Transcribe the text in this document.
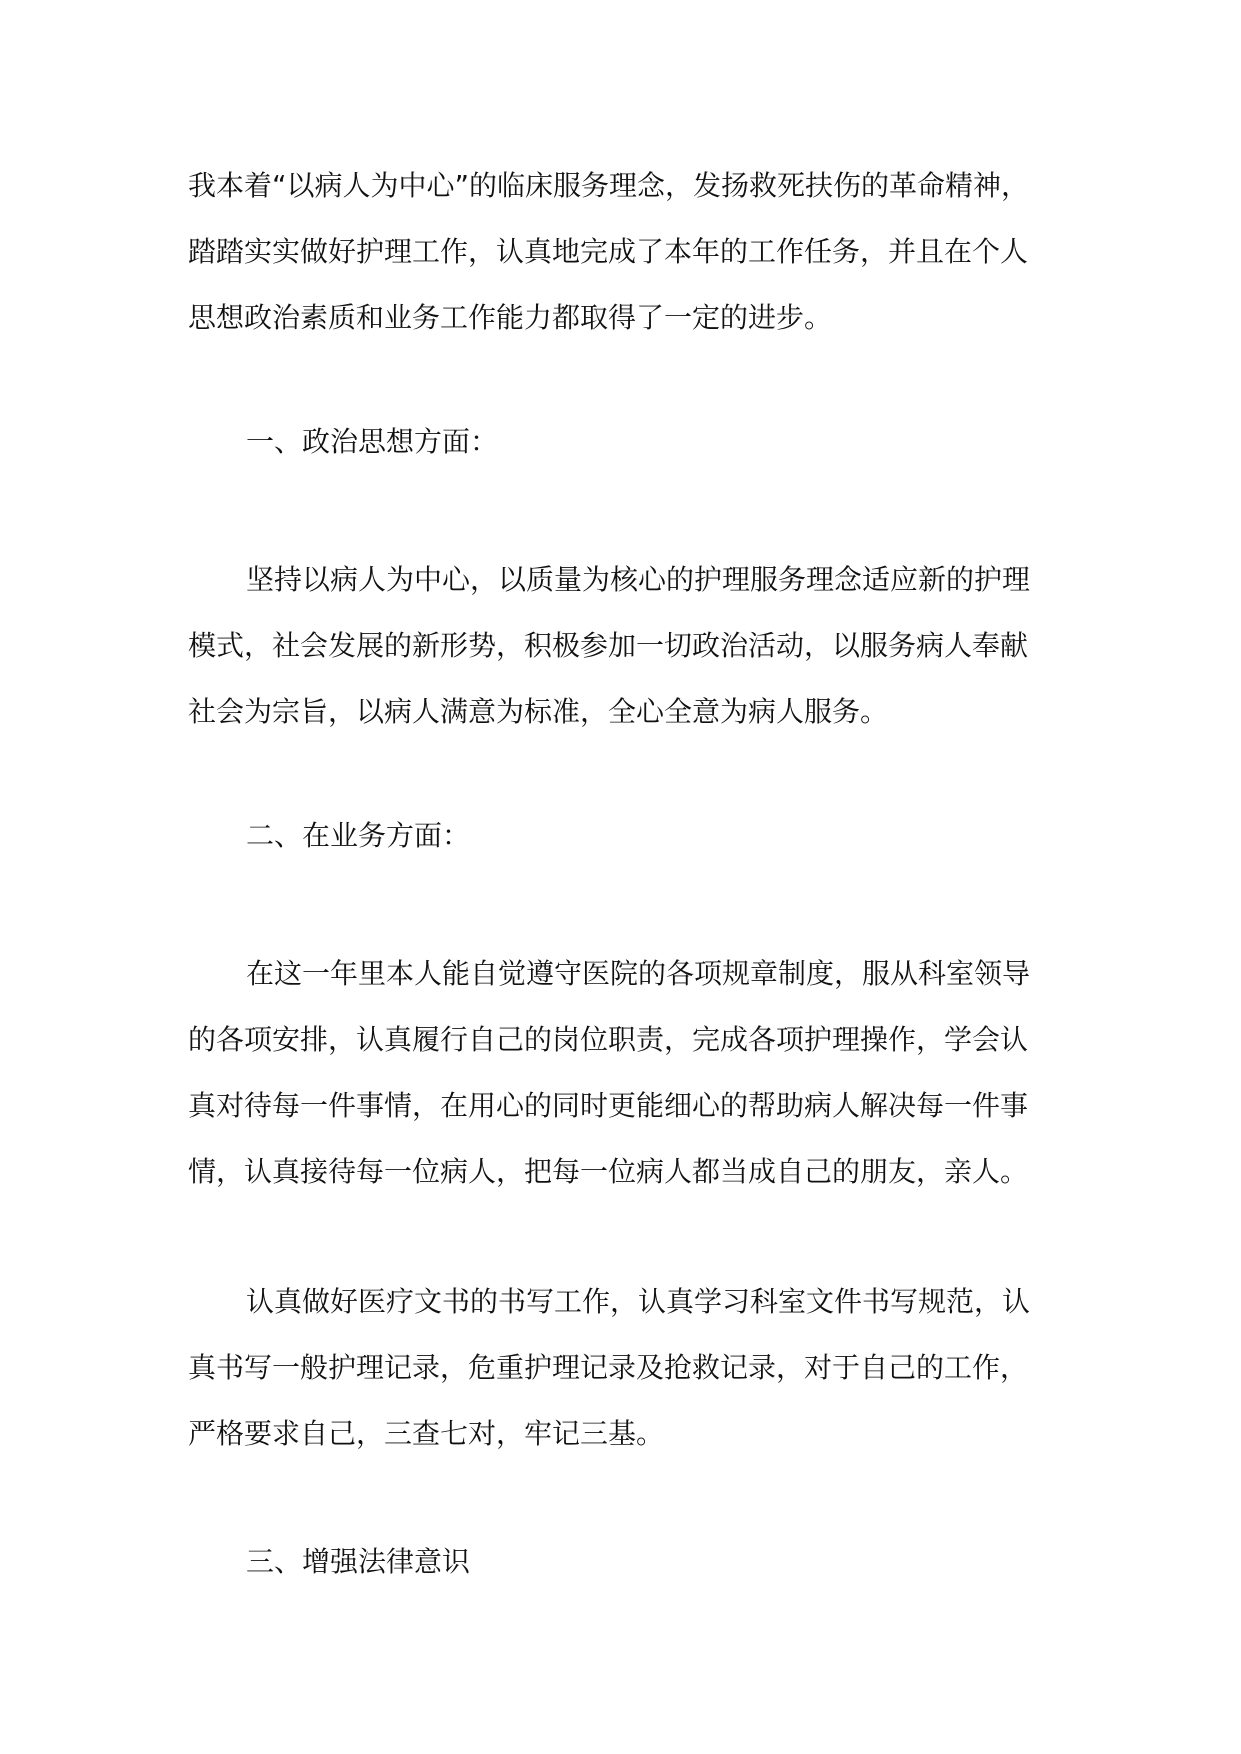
我本着“以病人为中心”的临床服务理念，发扬救死扶伤的革命精神，
踏踏实实做好护理工作，认真地完成了本年的工作任务，并且在个人
思想政治素质和业务工作能力都取得了一定的进步。
一、政治思想方面：
坚持以病人为中心，以质量为核心的护理服务理念适应新的护理
模式，社会发展的新形势，积极参加一切政治活动，以服务病人奉献
社会为宗旨，以病人满意为标准，全心全意为病人服务。
二、在业务方面：
在这一年里本人能自觉遵守医院的各项规章制度，服从科室领导
的各项安排，认真履行自己的岗位职责，完成各项护理操作，学会认
真对待每一件事情，在用心的同时更能细心的帮助病人解决每一件事
情，认真接待每一位病人，把每一位病人都当成自己的朋友，亲人。
认真做好医疗文书的书写工作，认真学习科室文件书写规范，认
真书写一般护理记录，危重护理记录及抢救记录，对于自己的工作，
严格要求自己，三查七对，牢记三基。
三、增强法律意识
